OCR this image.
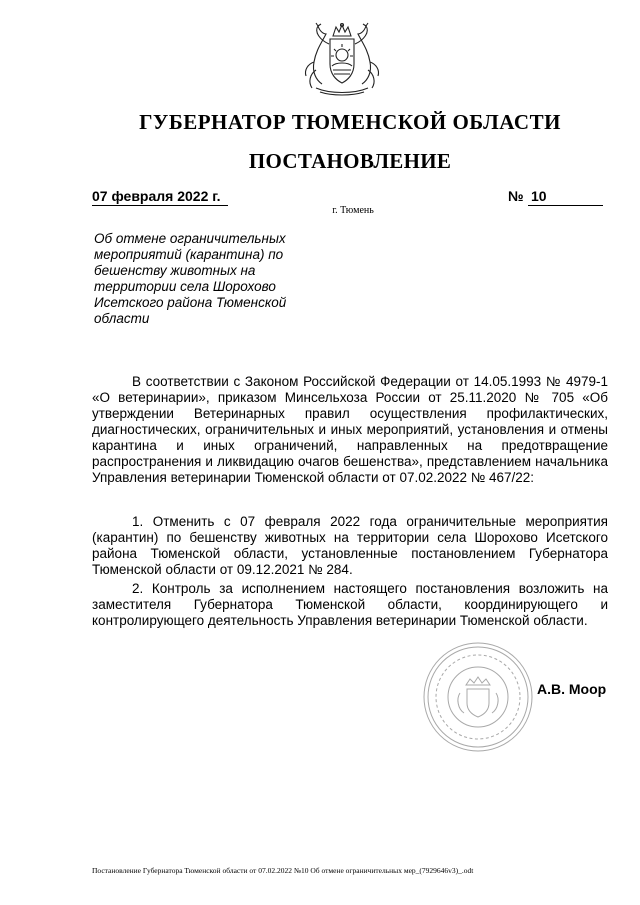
ГУБЕРНАТОР ТЮМЕНСКОЙ ОБЛАСТИ
ПОСТАНОВЛЕНИЕ
07 февраля 2022 г.	№ 10
г. Тюмень
Об отмене ограничительных мероприятий (карантина) по бешенству животных на территории села Шорохово Исетского района Тюменской области

В соответствии с Законом Российской Федерации от 14.05.1993 № 4979-1 «О ветеринарии», приказом Минсельхоза России от 25.11.2020 № 705 «Об утверждении Ветеринарных правил осуществления профилактических, диагностических, ограничительных и иных мероприятий, установления и отмены карантина и иных ограничений, направленных на предотвращение распространения и ликвидацию очагов бешенства», представлением начальника Управления ветеринарии Тюменской области от 07.02.2022 № 467/22:

1. Отменить с 07 февраля 2022 года ограничительные мероприятия (карантин) по бешенству животных на территории села Шорохово Исетского района Тюменской области, установленные постановлением Губернатора Тюменской области от 09.12.2021 № 284.

2. Контроль за исполнением настоящего постановления возложить на заместителя Губернатора Тюменской области, координирующего и контролирующего деятельность Управления ветеринарии Тюменской области.

А.В. Моор
Постановление Губернатора Тюменской области от 07.02.2022 №10 Об отмене ограничительных мер_(7929646v3)_.odt
